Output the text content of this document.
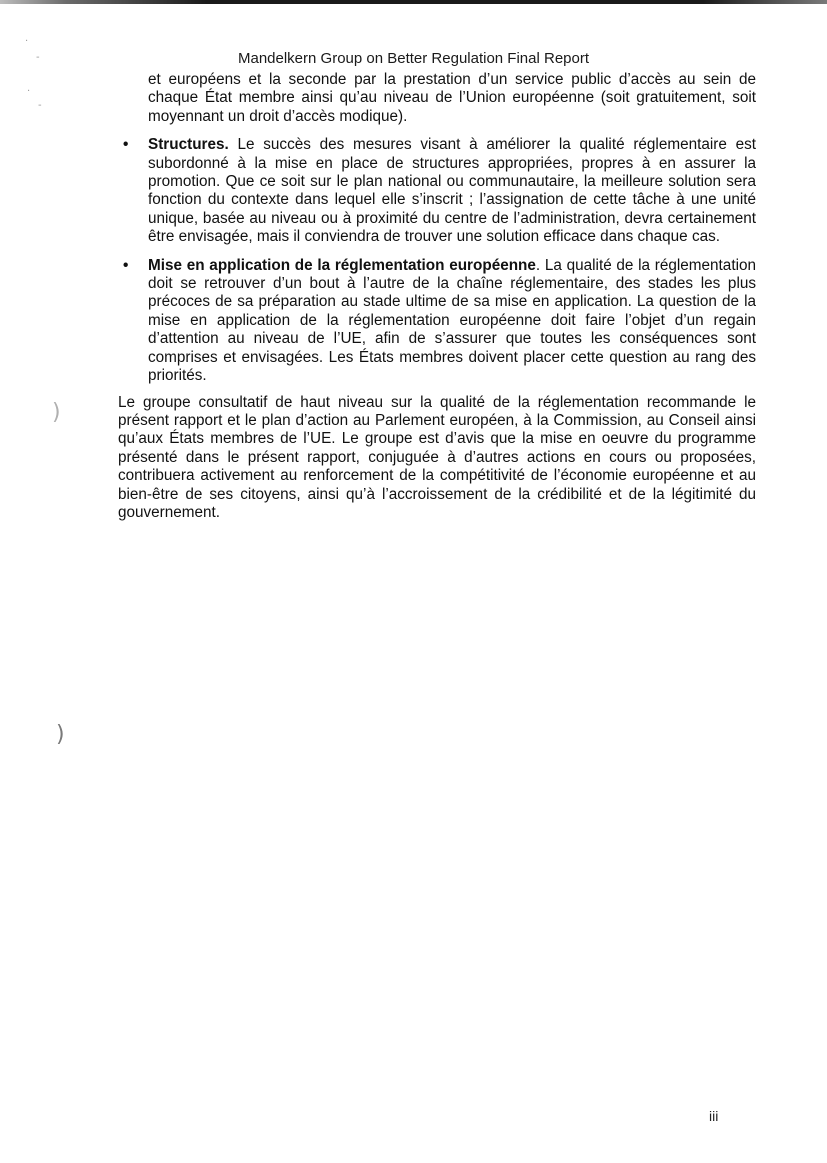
·
-
·
-
)
)
Mandelkern Group on Better Regulation Final Report

et européens et la seconde par la prestation d’un service public d’accès au sein de chaque État membre ainsi qu’au niveau de l’Union européenne (soit gratuitement, soit moyennant un droit d’accès modique).

• Structures. Le succès des mesures visant à améliorer la qualité réglementaire est subordonné à la mise en place de structures appropriées, propres à en assurer la promotion. Que ce soit sur le plan national ou communautaire, la meilleure solution sera fonction du contexte dans lequel elle s’inscrit ; l’assignation de cette tâche à une unité unique, basée au niveau ou à proximité du centre de l’administration, devra certainement être envisagée, mais il conviendra de trouver une solution efficace dans chaque cas.

• Mise en application de la réglementation européenne. La qualité de la réglementation doit se retrouver d’un bout à l’autre de la chaîne réglementaire, des stades les plus précoces de sa préparation au stade ultime de sa mise en application. La question de la mise en application de la réglementation européenne doit faire l’objet d’un regain d’attention au niveau de l’UE, afin de s’assurer que toutes les conséquences sont comprises et envisagées. Les États membres doivent placer cette question au rang des priorités.

Le groupe consultatif de haut niveau sur la qualité de la réglementation recommande le présent rapport et le plan d’action au Parlement européen, à la Commission, au Conseil ainsi qu’aux États membres de l’UE. Le groupe est d’avis que la mise en oeuvre du programme présenté dans le présent rapport, conjuguée à d’autres actions en cours ou proposées, contribuera activement au renforcement de la compétitivité de l’économie européenne et au bien-être de ses citoyens, ainsi qu’à l’accroissement de la crédibilité et de la légitimité du gouvernement.

iii
